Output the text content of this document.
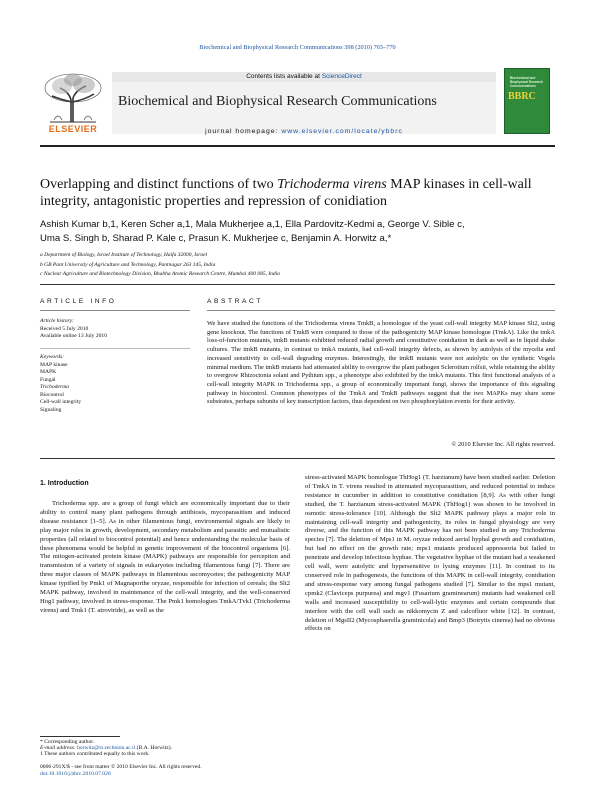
Biochemical and Biophysical Research Communications 398 (2010) 765–770
ELSEVIER
Contents lists available at ScienceDirect
Biochemical and Biophysical Research Communications
journal homepage: www.elsevier.com/locate/ybbrc
Biochemical and Biophysical Research Communications
BBRC
Overlapping and distinct functions of two Trichoderma virens MAP kinases in cell-wall integrity, antagonistic properties and repression of conidiation
Ashish Kumar b,1, Keren Scher a,1, Mala Mukherjee a,1, Ella Pardovitz-Kedmi a, George V. Sible c,
Uma S. Singh b, Sharad P. Kale c, Prasun K. Mukherjee c, Benjamin A. Horwitz a,*
a Department of Biology, Israel Institute of Technology, Haifa 32000, Israel
b GB Pant University of Agriculture and Technology, Pantnagar 263 145, India
c Nuclear Agriculture and Biotechnology Division, Bhabha Atomic Research Centre, Mumbai 400 085, India
ARTICLE INFO
Article history:
Received 5 July 2010
Available online 13 July 2010
Keywords:
MAP kinase
MAPK
Fungal
Trichoderma
Biocontrol
Cell-wall integrity
Signaling
ABSTRACT
We have studied the functions of the Trichoderma virens TmkB, a homologue of the yeast cell-wall integrity MAP kinase Slt2, using gene knockout. The functions of TmkB were compared to those of the pathogenicity MAP kinase homologue (TmkA). Like the tmkA loss-of-function mutants, tmkB mutants exhibited reduced radial growth and constitutive conidiation in dark as well as in liquid shake cultures. The tmkB mutants, in contrast to tmkA mutants, had cell-wall integrity defects, as shown by autolysis of the mycelia and increased sensitivity to cell-wall degrading enzymes. Interestingly, the tmkB mutants were not autolytic on the synthetic Vogels minimal medium. The tmkB mutants had attenuated ability to overgrow the plant pathogen Sclerotium rolfsii, while retaining the ability to overgrow Rhizoctonia solani and Pythium spp., a phenotype also exhibited by the tmkA mutants. This first functional analysis of a cell-wall integrity MAPK in Trichoderma spp., a group of economically important fungi, shows the importance of this signaling pathway in biocontrol. Common phenotypes of the TmkA and TmkB pathways suggest that the two MAPKs may share some substrates, perhaps subunits of key transcription factors, thus dependent on two phosphorylation events for their activity.
© 2010 Elsevier Inc. All rights reserved.
1. Introduction
Trichoderma spp. are a group of fungi which are economically important due to their ability to control many plant pathogens through antibiosis, mycoparasitism and induced disease resistance [1–5]. As in other filamentous fungi, environmental signals are likely to play major roles in growth, development, secondary metabolism and parasitic and mutualistic properties (all related to biocontrol potential) and hence understanding the molecular basis of these phenomena would be helpful in genetic improvement of the biocontrol organisms [6]. The mitogen-activated protein kinase (MAPK) pathways are responsible for perception and transmission of a variety of signals in eukaryotes including filamentous fungi [7]. There are three major classes of MAPK pathways in filamentous ascomycetes; the pathogenicity MAP kinase typified by Pmk1 of Magnaporthe oryzae, responsible for infection of cereals; the Slt2 MAPK pathway, involved in maintenance of the cell-wall integrity, and the well-conserved Hog1 pathway, involved in stress-response. The Pmk1 homologues TmkA/Tvk1 (Trichoderma virens) and Tmk1 (T. atroviride), as well as the
stress-activated MAPK homologue ThHog1 (T. harzianum) have been studied earlier. Deletion of TmkA in T. virens resulted in attenuated mycoparasitism, and reduced potential to induce resistance in cucumber in addition to constitutive conidiation [8,9]. As with other fungi studied, the T. harzianum stress-activated MAPK (ThHog1) was shown to be involved in osmotic stress-tolerance [10]. Although the Slt2 MAPK pathway plays a major role in maintaining cell-wall integrity and pathogenicity, its roles in fungal physiology are very diverse, and the function of this MAPK pathway has not been studied in any Trichoderma species [7]. The deletion of Mps1 in M. oryzae reduced aerial hyphal growth and conidiation, but had no effect on the growth rate; mps1 mutants produced appressoria but failed to penetrate and develop infectious hyphae. The vegetative hyphae of the mutant had a weakened cell wall, were autolytic and hypersensitive to lysing enzymes [11]. In contrast to its conserved role in pathogenesis, the functions of this MAPK in cell-wall integrity, conidiation and stress-response vary among fungal pathogens studied [7]. Similar to the mps1 mutant, cpmk2 (Claviceps purpurea) and mgv1 (Fusarium graminearum) mutants had weakened cell walls and increased susceptibility to cell-wall-lytic enzymes and certain compounds that interfere with the cell wall such as nikkomycin Z and calcofluor white [12]. In contrast, deletion of MgsII2 (Mycosphaerella graminicola) and Bmp3 (Botrytis cinerea) had no obvious effects on
* Corresponding author.
E-mail address: horwitz@tx.technion.ac.il (B.A. Horwitz).
1 These authors contributed equally to this work.
0006-291X/$ - see front matter © 2010 Elsevier Inc. All rights reserved.
doi:10.1016/j.bbrc.2010.07.020
